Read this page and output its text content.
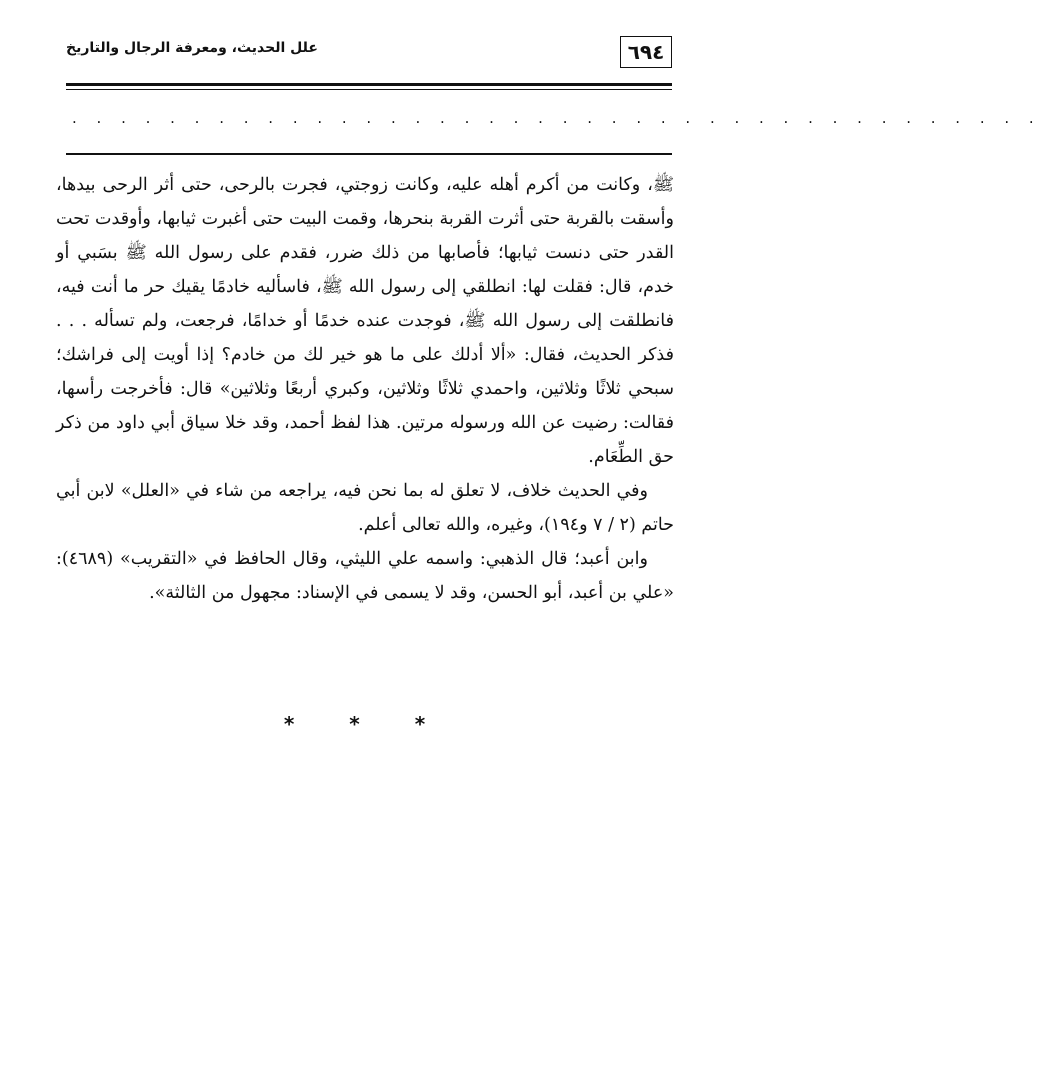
٦٩٤
علل الحديث، ومعرفة الرجال والتاريخ
. . . . . . . . . . . . . . . . . . . . . . . . . . . . . . . . . . . . . . . .

ﷺ، وكانت من أكرم أهله عليه، وكانت زوجتي، فجرت بالرحى، حتى أثر الرحى بيدها، وأسقت بالقربة حتى أثرت القربة بنحرها، وقمت البيت حتى أغبرت ثيابها، وأوقدت تحت القدر حتى دنست ثيابها؛ فأصابها من ذلك ضرر، فقدم على رسول الله ﷺ بسَبي أو خدم، قال: فقلت لها: انطلقي إلى رسول الله ﷺ، فاسأليه خادمًا يقيك حر ما أنت فيه، فانطلقت إلى رسول الله ﷺ، فوجدت عنده خدمًا أو خدامًا، فرجعت، ولم تسأله . . . فذكر الحديث، فقال: «ألا أدلك على ما هو خير لك من خادم؟ إذا أويت إلى فراشك؛ سبحي ثلاثًا وثلاثين، واحمدي ثلاثًا وثلاثين، وكبري أربعًا وثلاثين» قال: فأخرجت رأسها، فقالت: رضيت عن الله ورسوله مرتين. هذا لفظ أحمد، وقد خلا سياق أبي داود من ذكر حق الطِّعَام.

وفي الحديث خلاف، لا تعلق له بما نحن فيه، يراجعه من شاء في «العلل» لابن أبي حاتم (٢ / ٧ و١٩٤)، وغيره، والله تعالى أعلم.

وابن أعبد؛ قال الذهبي: واسمه علي الليثي، وقال الحافظ في «التقريب» (٤٦٨٩): «علي بن أعبد، أبو الحسن، وقد لا يسمى في الإسناد: مجهول من الثالثة».

* * *
